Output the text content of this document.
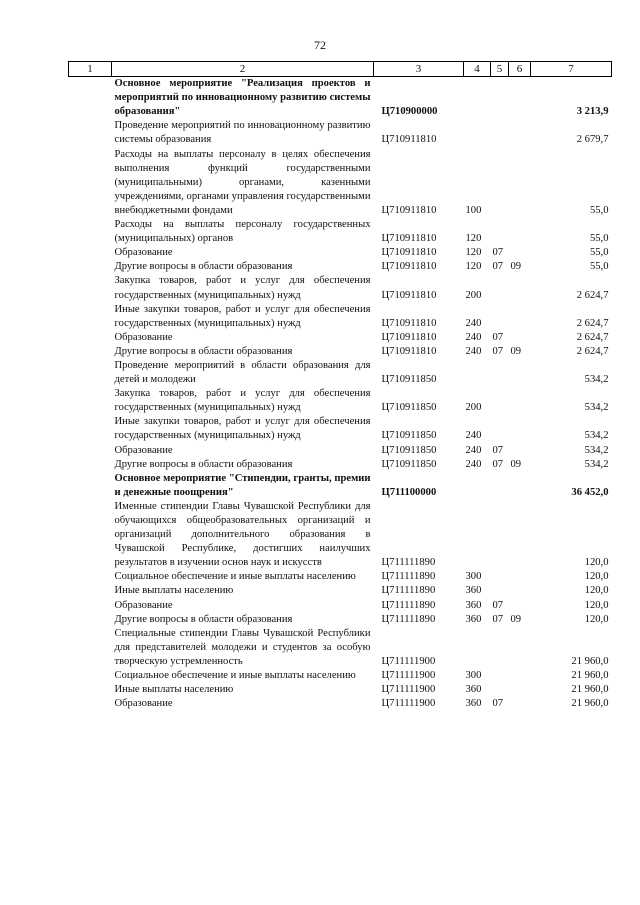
72
1	2	3	4	5	6	7
	Основное мероприятие "Реализация проектов и мероприятий по инновационному развитию системы образования"	Ц710900000				3 213,9
	Проведение мероприятий по инновационному развитию системы образования	Ц710911810				2 679,7
	Расходы на выплаты персоналу в целях обеспечения выполнения функций государственными (муниципальными) органами, казенными учреждениями, органами управления государственными внебюджетными фондами	Ц710911810	100			55,0
	Расходы на выплаты персоналу государственных (муниципальных) органов	Ц710911810	120			55,0
	Образование	Ц710911810	120	07		55,0
	Другие вопросы в области образования	Ц710911810	120	07	09	55,0
	Закупка товаров, работ и услуг для обеспечения государственных (муниципальных) нужд	Ц710911810	200			2 624,7
	Иные закупки товаров, работ и услуг для обеспечения государственных (муниципальных) нужд	Ц710911810	240			2 624,7
	Образование	Ц710911810	240	07		2 624,7
	Другие вопросы в области образования	Ц710911810	240	07	09	2 624,7
	Проведение мероприятий в области образования для детей и молодежи	Ц710911850				534,2
	Закупка товаров, работ и услуг для обеспечения государственных (муниципальных) нужд	Ц710911850	200			534,2
	Иные закупки товаров, работ и услуг для обеспечения государственных (муниципальных) нужд	Ц710911850	240			534,2
	Образование	Ц710911850	240	07		534,2
	Другие вопросы в области образования	Ц710911850	240	07	09	534,2
	Основное мероприятие "Стипендии, гранты, премии и денежные поощрения"	Ц711100000				36 452,0
	Именные стипендии Главы Чувашской Республики для обучающихся общеобразовательных организаций и организаций дополнительного образования в Чувашской Республике, достигших наилучших результатов в изучении основ наук и искусств	Ц711111890				120,0
	Социальное обеспечение и иные выплаты населению	Ц711111890	300			120,0
	Иные выплаты населению	Ц711111890	360			120,0
	Образование	Ц711111890	360	07		120,0
	Другие вопросы в области образования	Ц711111890	360	07	09	120,0
	Специальные стипендии Главы Чувашской Республики для представителей молодежи и студентов за особую творческую устремленность	Ц711111900				21 960,0
	Социальное обеспечение и иные выплаты населению	Ц711111900	300			21 960,0
	Иные выплаты населению	Ц711111900	360			21 960,0
	Образование	Ц711111900	360	07		21 960,0
